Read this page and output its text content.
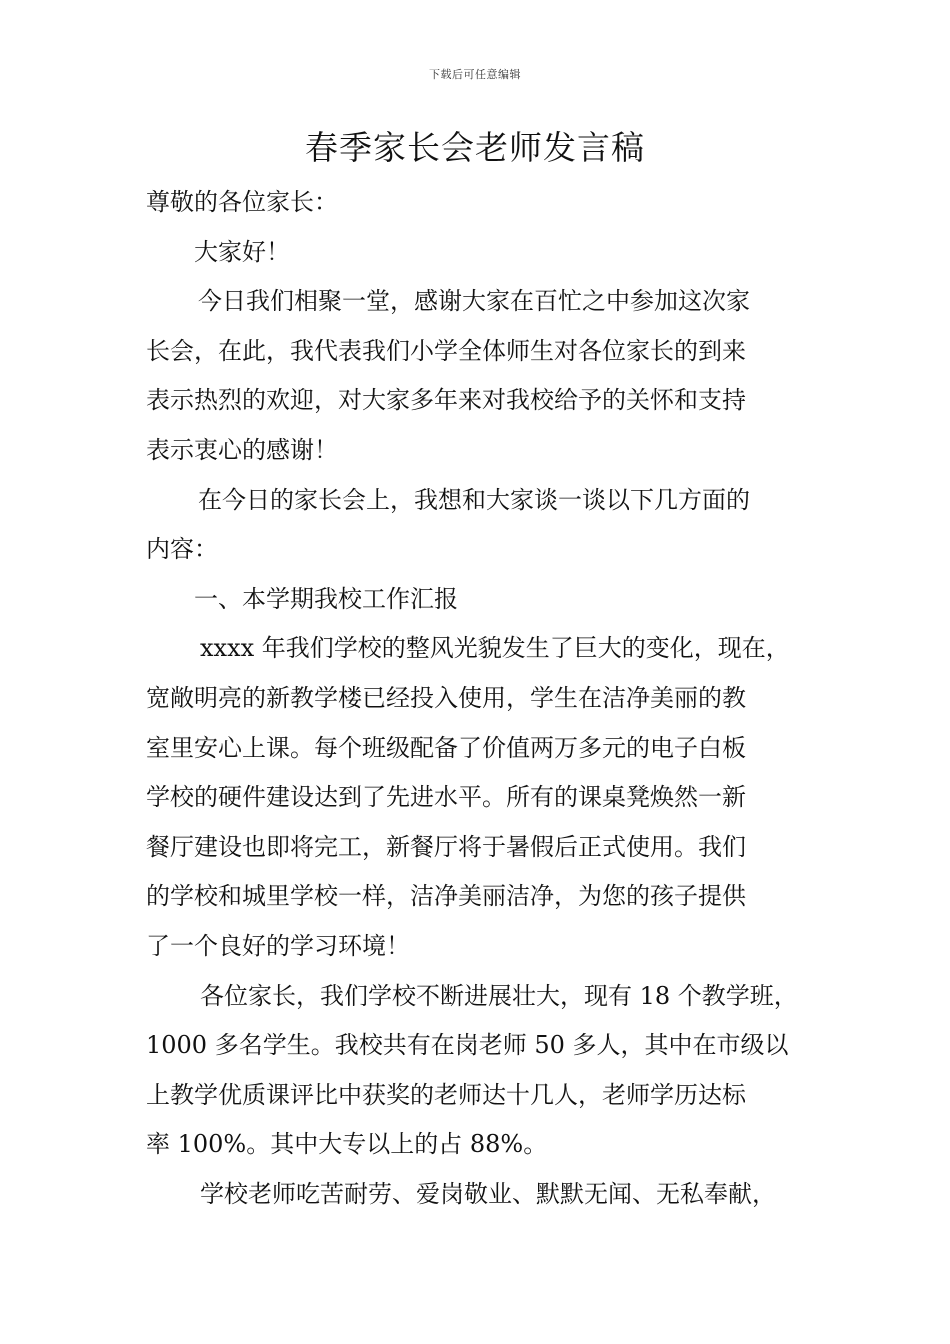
下载后可任意编辑
春季家长会老师发言稿

尊敬的各位家长：

大家好！

今日我们相聚一堂，感谢大家在百忙之中参加这次家

长会，在此，我代表我们小学全体师生对各位家长的到来

表示热烈的欢迎，对大家多年来对我校给予的关怀和支持

表示衷心的感谢！

在今日的家长会上，我想和大家谈一谈以下几方面的

内容：

一、本学期我校工作汇报

xxxx 年我们学校的整风光貌发生了巨大的变化，现在，

宽敞明亮的新教学楼已经投入使用，学生在洁净美丽的教

室里安心上课。每个班级配备了价值两万多元的电子白板

学校的硬件建设达到了先进水平。所有的课桌凳焕然一新

餐厅建设也即将完工，新餐厅将于暑假后正式使用。我们

的学校和城里学校一样，洁净美丽洁净，为您的孩子提供

了一个良好的学习环境！

各位家长，我们学校不断进展壮大，现有 18 个教学班，

1000 多名学生。我校共有在岗老师 50 多人，其中在市级以

上教学优质课评比中获奖的老师达十几人，老师学历达标

率 100%。其中大专以上的占 88%。

学校老师吃苦耐劳、爱岗敬业、默默无闻、无私奉献，
